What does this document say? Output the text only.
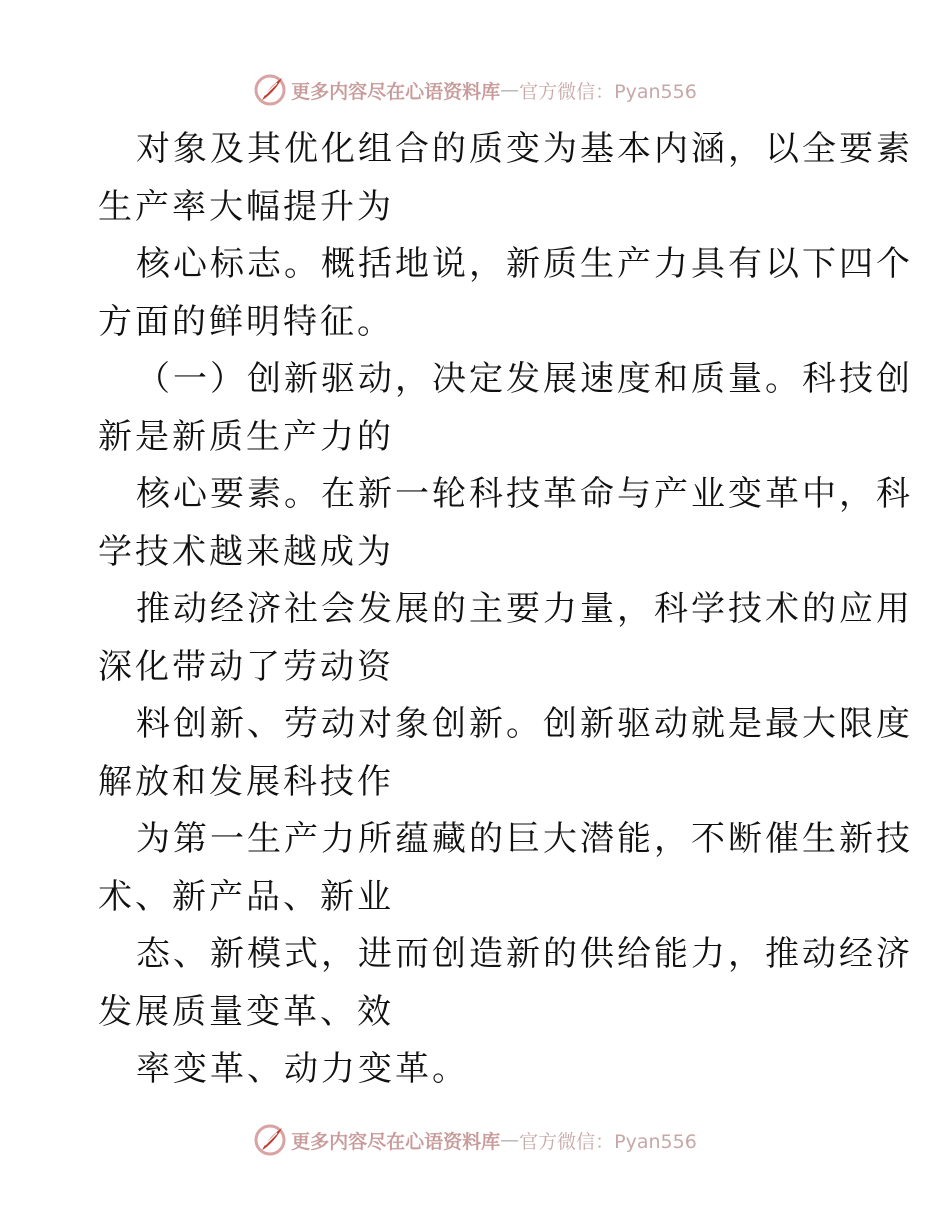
更多内容尽在心语资料库 — 官方微信：Pyan556
对象及其优化组合的质变为基本内涵，以全要素
生产率大幅提升为
核心标志。概括地说，新质生产力具有以下四个
方面的鲜明特征。
（一）创新驱动，决定发展速度和质量。科技创
新是新质生产力的
核心要素。在新一轮科技革命与产业变革中，科
学技术越来越成为
推动经济社会发展的主要力量，科学技术的应用
深化带动了劳动资
料创新、劳动对象创新。创新驱动就是最大限度
解放和发展科技作
为第一生产力所蕴藏的巨大潜能，不断催生新技
术、新产品、新业
态、新模式，进而创造新的供给能力，推动经济
发展质量变革、效
率变革、动力变革。
更多内容尽在心语资料库 — 官方微信：Pyan556
